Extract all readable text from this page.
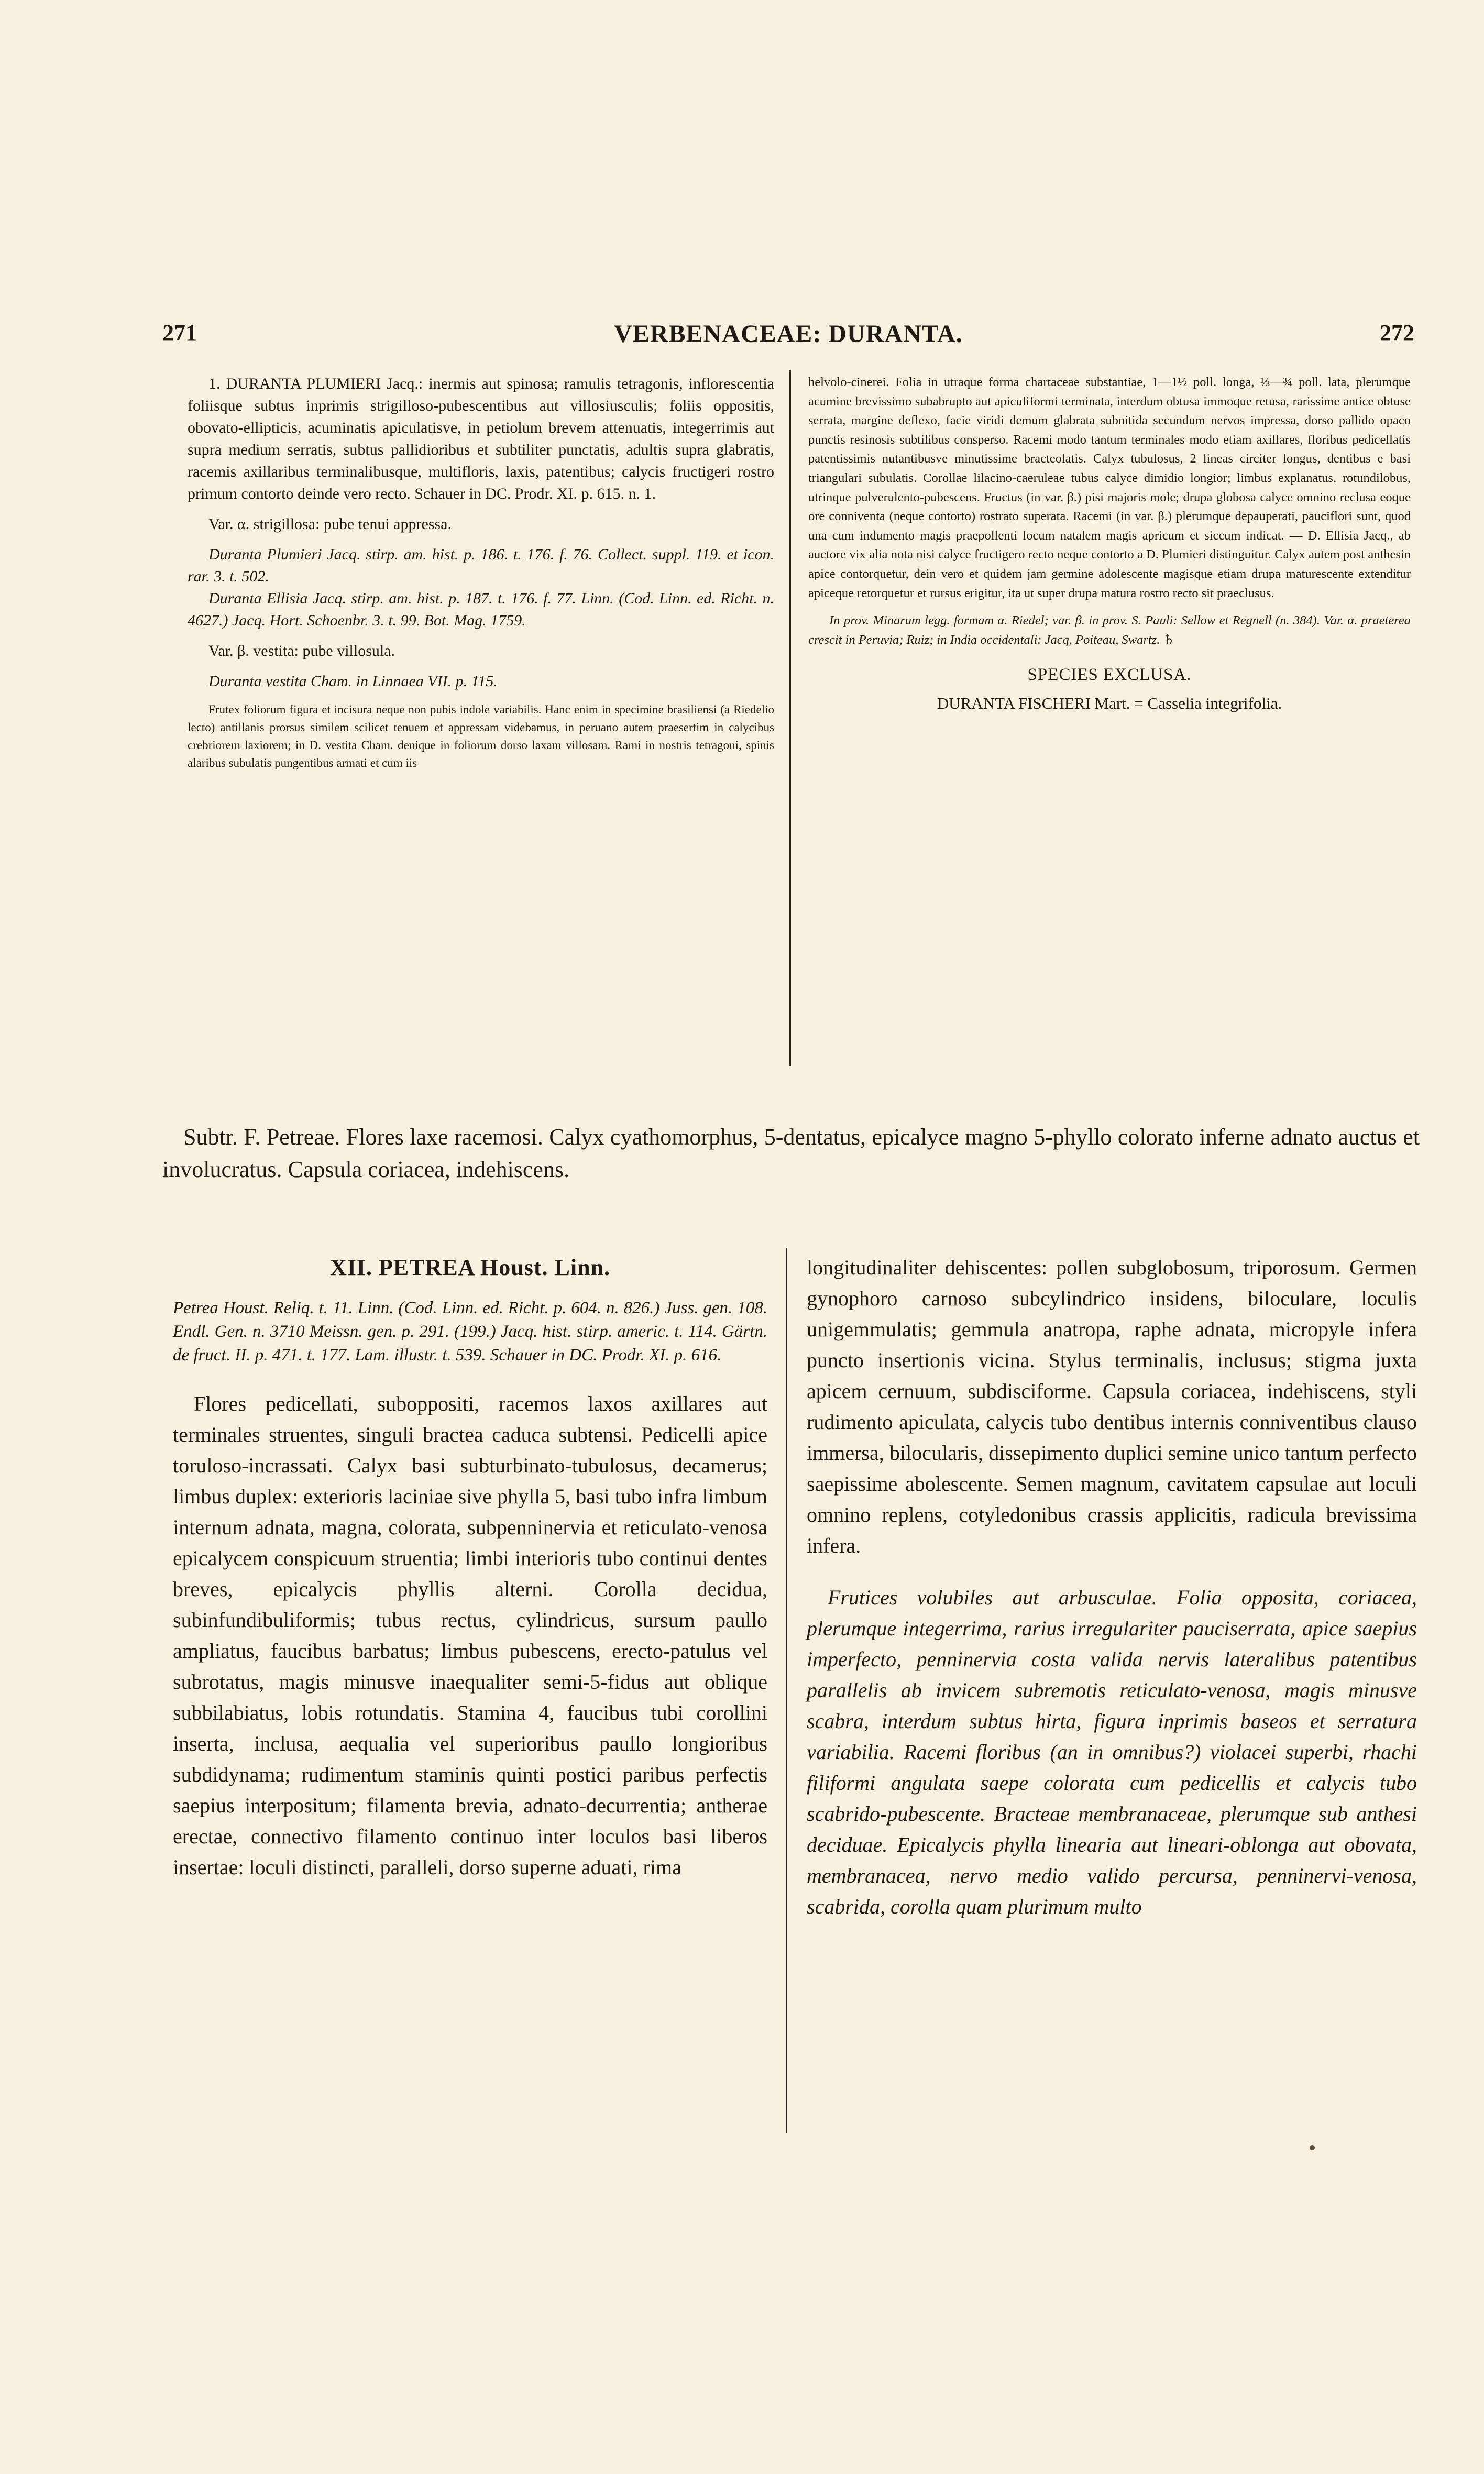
271	VERBENACEAE: DURANTA.	272

1. DURANTA PLUMIERI Jacq.: inermis aut spinosa; ramulis tetragonis, inflorescentia foliisque subtus inprimis strigilloso-pubescentibus aut villosiusculis; foliis oppositis, obovato-ellipticis, acuminatis apiculatisve, in petiolum brevem attenuatis, integerrimis aut supra medium serratis, subtus pallidioribus et subtiliter punctatis, adultis supra glabratis, racemis axillaribus terminalibusque, multifloris, laxis, patentibus; calycis fructigeri rostro primum contorto deinde vero recto. Schauer in DC. Prodr. XI. p. 615. n. 1.

Var. α. strigillosa: pube tenui appressa.

Duranta Plumieri Jacq. stirp. am. hist. p. 186. t. 176. f. 76. Collect. suppl. 119. et icon. rar. 3. t. 502.

Duranta Ellisia Jacq. stirp. am. hist. p. 187. t. 176. f. 77. Linn. (Cod. Linn. ed. Richt. n. 4627.) Jacq. Hort. Schoenbr. 3. t. 99. Bot. Mag. 1759.

Var. β. vestita: pube villosula.

Duranta vestita Cham. in Linnaea VII. p. 115.

Frutex foliorum figura et incisura neque non pubis indole variabilis. Hanc enim in specimine brasiliensi (a Riedelio lecto) antillanis prorsus similem scilicet tenuem et appressam videbamus, in peruano autem praesertim in calycibus crebriorem laxiorem; in D. vestita Cham. denique in foliorum dorso laxam villosam. Rami in nostris tetragoni, spinis alaribus subulatis pungentibus armati et cum iis

helvolo-cinerei. Folia in utraque forma chartaceae substantiae, 1—1½ poll. longa, ⅓—¾ poll. lata, plerumque acumine brevissimo subabrupto aut apiculiformi terminata, interdum obtusa immoque retusa, rarissime antice obtuse serrata, margine deflexo, facie viridi demum glabrata subnitida secundum nervos impressa, dorso pallido opaco punctis resinosis subtilibus consperso. Racemi modo tantum terminales modo etiam axillares, floribus pedicellatis patentissimis nutantibusve minutissime bracteolatis. Calyx tubulosus, 2 lineas circiter longus, dentibus e basi triangulari subulatis. Corollae lilacino-caeruleae tubus calyce dimidio longior; limbus explanatus, rotundilobus, utrinque pulverulento-pubescens. Fructus (in var. β.) pisi majoris mole; drupa globosa calyce omnino reclusa eoque ore conniventa (neque contorto) rostrato superata. Racemi (in var. β.) plerumque depauperati, pauciflori sunt, quod una cum indumento magis praepollenti locum natalem magis apricum et siccum indicat. — D. Ellisia Jacq., ab auctore vix alia nota nisi calyce fructigero recto neque contorto a D. Plumieri distinguitur. Calyx autem post anthesin apice contorquetur, dein vero et quidem jam germine adolescente magisque etiam drupa maturescente extenditur apiceque retorquetur et rursus erigitur, ita ut super drupa matura rostro recto sit praeclusus.

In prov. Minarum legg. formam α. Riedel; var. β. in prov. S. Pauli: Sellow et Regnell (n. 384). Var. α. praeterea crescit in Peruvia; Ruiz; in India occidentali: Jacq, Poiteau, Swartz. ♄

SPECIES EXCLUSA.

DURANTA FISCHERI Mart. = Casselia integrifolia.

Subtr. F. Petreae. Flores laxe racemosi. Calyx cyathomorphus, 5-dentatus, epicalyce magno 5-phyllo colorato inferne adnato auctus et involucratus. Capsula coriacea, indehiscens.

XII. PETREA Houst. Linn.

Petrea Houst. Reliq. t. 11. Linn. (Cod. Linn. ed. Richt. p. 604. n. 826.) Juss. gen. 108. Endl. Gen. n. 3710 Meissn. gen. p. 291. (199.) Jacq. hist. stirp. americ. t. 114. Gärtn. de fruct. II. p. 471. t. 177. Lam. illustr. t. 539. Schauer in DC. Prodr. XI. p. 616.

Flores pedicellati, suboppositi, racemos laxos axillares aut terminales struentes, singuli bractea caduca subtensi. Pedicelli apice toruloso-incrassati. Calyx basi subturbinato-tubulosus, decamerus; limbus duplex: exterioris laciniae sive phylla 5, basi tubo infra limbum internum adnata, magna, colorata, subpenninervia et reticulato-venosa epicalycem conspicuum struentia; limbi interioris tubo continui dentes breves, epicalycis phyllis alterni. Corolla decidua, subinfundibuliformis; tubus rectus, cylindricus, sursum paullo ampliatus, faucibus barbatus; limbus pubescens, erecto-patulus vel subrotatus, magis minusve inaequaliter semi-5-fidus aut oblique subbilabiatus, lobis rotundatis. Stamina 4, faucibus tubi corollini inserta, inclusa, aequalia vel superioribus paullo longioribus subdidynama; rudimentum staminis quinti postici paribus perfectis saepius interpositum; filamenta brevia, adnato-decurrentia; antherae erectae, connectivo filamento continuo inter loculos basi liberos insertae: loculi distincti, paralleli, dorso superne aduati, rima

longitudinaliter dehiscentes: pollen subglobosum, triporosum. Germen gynophoro carnoso subcylindrico insidens, biloculare, loculis unigemmulatis; gemmula anatropa, raphe adnata, micropyle infera puncto insertionis vicina. Stylus terminalis, inclusus; stigma juxta apicem cernuum, subdisciforme. Capsula coriacea, indehiscens, styli rudimento apiculata, calycis tubo dentibus internis conniventibus clauso immersa, bilocularis, dissepimento duplici semine unico tantum perfecto saepissime abolescente. Semen magnum, cavitatem capsulae aut loculi omnino replens, cotyledonibus crassis applicitis, radicula brevissima infera.

Frutices volubiles aut arbusculae. Folia opposita, coriacea, plerumque integerrima, rarius irregulariter pauciserrata, apice saepius imperfecto, penninervia costa valida nervis lateralibus patentibus parallelis ab invicem subremotis reticulato-venosa, magis minusve scabra, interdum subtus hirta, figura inprimis baseos et serratura variabilia. Racemi floribus (an in omnibus?) violacei superbi, rhachi filiformi angulata saepe colorata cum pedicellis et calycis tubo scabrido-pubescente. Bracteae membranaceae, plerumque sub anthesi deciduae. Epicalycis phylla linearia aut lineari-oblonga aut obovata, membranacea, nervo medio valido percursa, penninervi-venosa, scabrida, corolla quam plurimum multo
